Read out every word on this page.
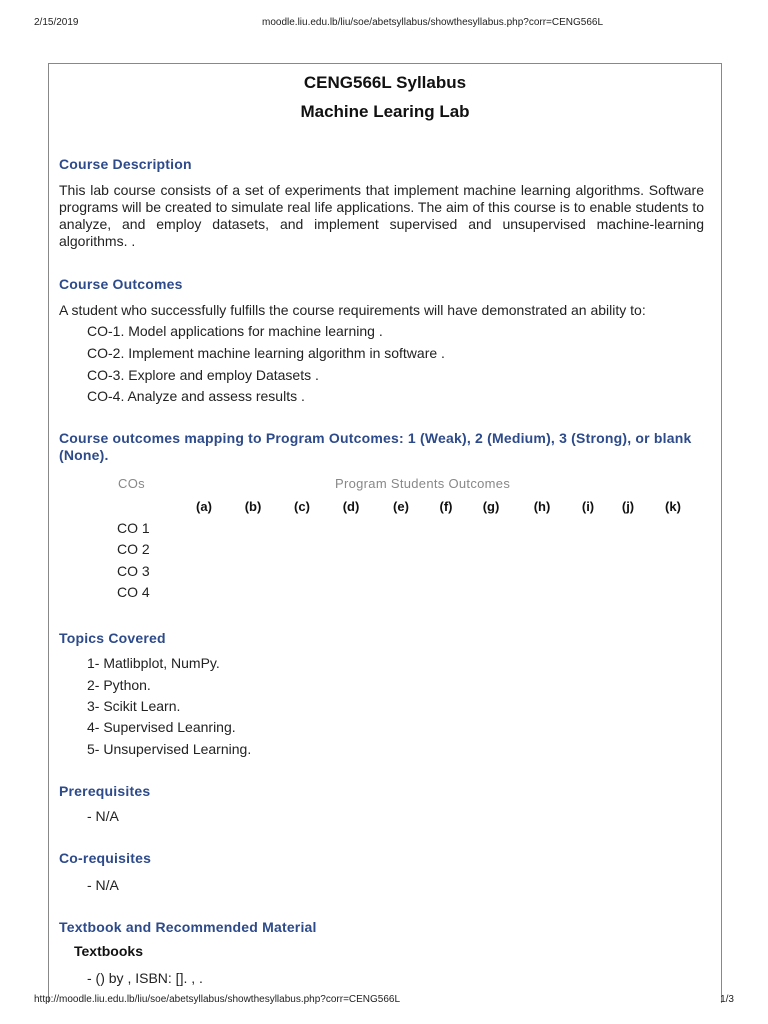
2/15/2019	moodle.liu.edu.lb/liu/soe/abetsyllabus/showthesyllabus.php?corr=CENG566L
CENG566L Syllabus
Machine Learing Lab
Course Description
This lab course consists of a set of experiments that implement machine learning algorithms. Software programs will be created to simulate real life applications. The aim of this course is to enable students to analyze, and employ datasets, and implement supervised and unsupervised machine-learning algorithms. .
Course Outcomes
A student who successfully fulfills the course requirements will have demonstrated an ability to:
CO-1. Model applications for machine learning .
CO-2. Implement machine learning algorithm in software .
CO-3. Explore and employ Datasets .
CO-4. Analyze and assess results .
Course outcomes mapping to Program Outcomes: 1 (Weak), 2 (Medium), 3 (Strong), or blank (None).
COs	Program Students Outcomes
(a)	(b)	(c)	(d)	(e)	(f)	(g)	(h)	(i)	(j)	(k)
CO 1
CO 2
CO 3
CO 4
Topics Covered
1- Matlibplot, NumPy.
2- Python.
3- Scikit Learn.
4- Supervised Leanring.
5- Unsupervised Learning.
Prerequisites
- N/A
Co-requisites
- N/A
Textbook and Recommended Material
Textbooks
- () by , ISBN: []. , .
http://moodle.liu.edu.lb/liu/soe/abetsyllabus/showthesyllabus.php?corr=CENG566L	1/3
